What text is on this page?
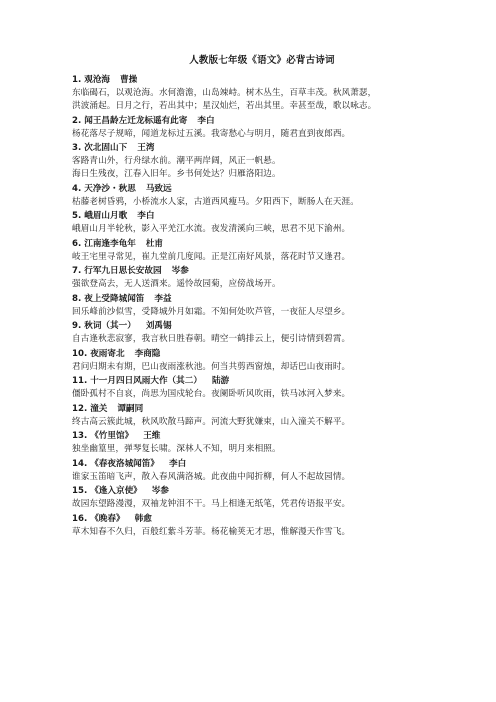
人教版七年级《语文》必背古诗词
1. 观沧海 曹操
东临碣石，以观沧海。水何澹澹，山岛竦峙。树木丛生，百草丰茂。秋风萧瑟，
洪波涌起。日月之行，若出其中；星汉灿烂，若出其里。幸甚至哉，歌以咏志。
2. 闻王昌龄左迁龙标遥有此寄 李白
杨花落尽子规啼，闻道龙标过五溪。我寄愁心与明月，随君直到夜郎西。
3. 次北固山下 王湾
客路青山外，行舟绿水前。潮平两岸阔，风正一帆悬。
海日生残夜，江春入旧年。乡书何处达？归雁洛阳边。
4. 天净沙・秋思 马致远
枯藤老树昏鸦，小桥流水人家，古道西风瘦马。夕阳西下，断肠人在天涯。
5. 峨眉山月歌 李白
峨眉山月半轮秋，影入平羌江水流。夜发清溪向三峡，思君不见下渝州。
6. 江南逢李龟年 杜甫
岐王宅里寻常见，崔九堂前几度闻。正是江南好风景，落花时节又逢君。
7. 行军九日思长安故园 岑参
强欲登高去，无人送酒来。遥怜故园菊，应傍战场开。
8. 夜上受降城闻笛 李益
回乐峰前沙似雪，受降城外月如霜。不知何处吹芦管，一夜征人尽望乡。
9. 秋词（其一） 刘禹锡
自古逢秋悲寂寥，我言秋日胜春朝。晴空一鹤排云上，便引诗情到碧霄。
10. 夜雨寄北 李商隐
君问归期未有期，巴山夜雨涨秋池。何当共剪西窗烛，却话巴山夜雨时。
11. 十一月四日风雨大作（其二） 陆游
僵卧孤村不自哀，尚思为国戍轮台。夜阑卧听风吹雨，铁马冰河入梦来。
12. 潼关 谭嗣同
终古高云簇此城，秋风吹散马蹄声。河流大野犹嫌束，山入潼关不解平。
13. 《竹里馆》 王维
独坐幽篁里，弹琴复长啸。深林人不知，明月来相照。
14. 《春夜洛城闻笛》 李白
谁家玉笛暗飞声，散入春风满洛城。此夜曲中闻折柳，何人不起故园情。
15. 《逢入京使》 岑参
故园东望路漫漫，双袖龙钟泪不干。马上相逢无纸笔，凭君传语报平安。
16. 《晚春》 韩愈
草木知春不久归，百般红紫斗芳菲。杨花榆荚无才思，惟解漫天作雪飞。
